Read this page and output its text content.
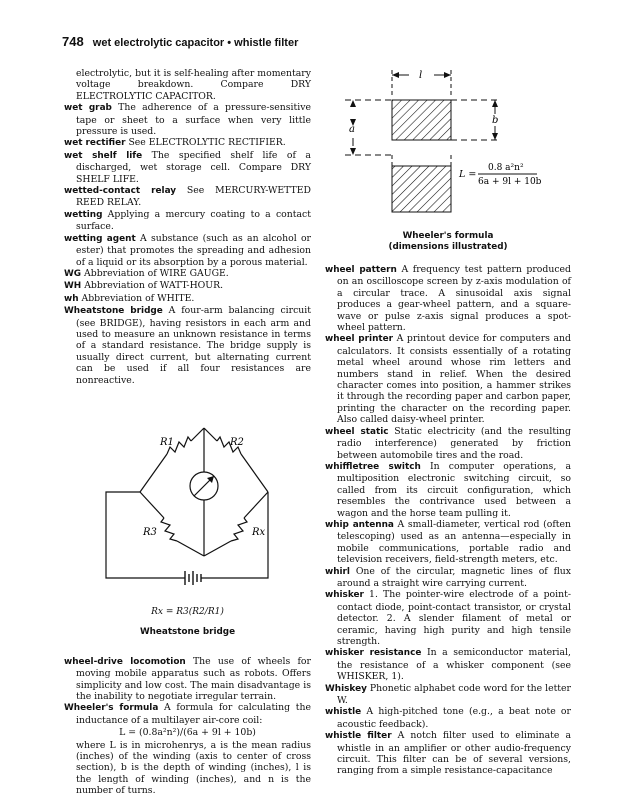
748 wet electrolytic capacitor • whistle filter

electrolytic, but it is self-healing after momentary voltage breakdown. Compare DRY ELECTROLYTIC CAPACITOR.

wet grab The adherence of a pressure-sensitive tape or sheet to a surface when very little pressure is used.

wet rectifier See ELECTROLYTIC RECTIFIER.

wet shelf life The specified shelf life of a discharged, wet storage cell. Compare DRY SHELF LIFE.

wetted-contact relay See MERCURY-WETTED REED RELAY.

wetting Applying a mercury coating to a contact surface.

wetting agent A substance (such as an alcohol or ester) that promotes the spreading and adhesion of a liquid or its absorption by a porous material.

WG Abbreviation of WIRE GAUGE.

WH Abbreviation of WATT-HOUR.

wh Abbreviation of WHITE.

Wheatstone bridge A four-arm balancing circuit (see BRIDGE), having resistors in each arm and used to measure an unknown resistance in terms of a standard resistance. The bridge supply is usually direct current, but alternating current can be used if all four resistances are nonreactive.

R1	R2
R3	Rx
Rx = R3(R2/R1)
Wheatstone bridge

wheel-drive locomotion The use of wheels for moving mobile apparatus such as robots. Offers simplicity and low cost. The main disadvantage is the inability to negotiate irregular terrain.

Wheeler's formula A formula for calculating the inductance of a multilayer air-core coil:

L = (0.8a²n²)/(6a + 9l + 10b)

where L is in microhenrys, a is the mean radius (inches) of the winding (axis to center of cross section), b is the depth of winding (inches), l is the length of winding (inches), and n is the number of turns.

l
a
b
L =
0.8 a²n²
6a + 9l + 10b
Wheeler's formula
(dimensions illustrated)

wheel pattern A frequency test pattern produced on an oscilloscope screen by z-axis modulation of a circular trace. A sinusoidal axis signal produces a gear-wheel pattern, and a square-wave or pulse z-axis signal produces a spot-wheel pattern.

wheel printer A printout device for computers and calculators. It consists essentially of a rotating metal wheel around whose rim letters and numbers stand in relief. When the desired character comes into position, a hammer strikes it through the recording paper and carbon paper, printing the character on the recording paper. Also called daisy-wheel printer.

wheel static Static electricity (and the resulting radio interference) generated by friction between automobile tires and the road.

whiffletree switch In computer operations, a multiposition electronic switching circuit, so called from its circuit configuration, which resembles the contrivance used between a wagon and the horse team pulling it.

whip antenna A small-diameter, vertical rod (often telescoping) used as an antenna—especially in mobile communications, portable radio and television receivers, field-strength meters, etc.

whirl One of the circular, magnetic lines of flux around a straight wire carrying current.

whisker 1. The pointer-wire electrode of a point-contact diode, point-contact transistor, or crystal detector. 2. A slender filament of metal or ceramic, having high purity and high tensile strength.

whisker resistance In a semiconductor material, the resistance of a whisker component (see WHISKER, 1).

Whiskey Phonetic alphabet code word for the letter W.

whistle A high-pitched tone (e.g., a beat note or acoustic feedback).

whistle filter A notch filter used to eliminate a whistle in an amplifier or other audio-frequency circuit. This filter can be of several versions, ranging from a simple resistance-capacitance
